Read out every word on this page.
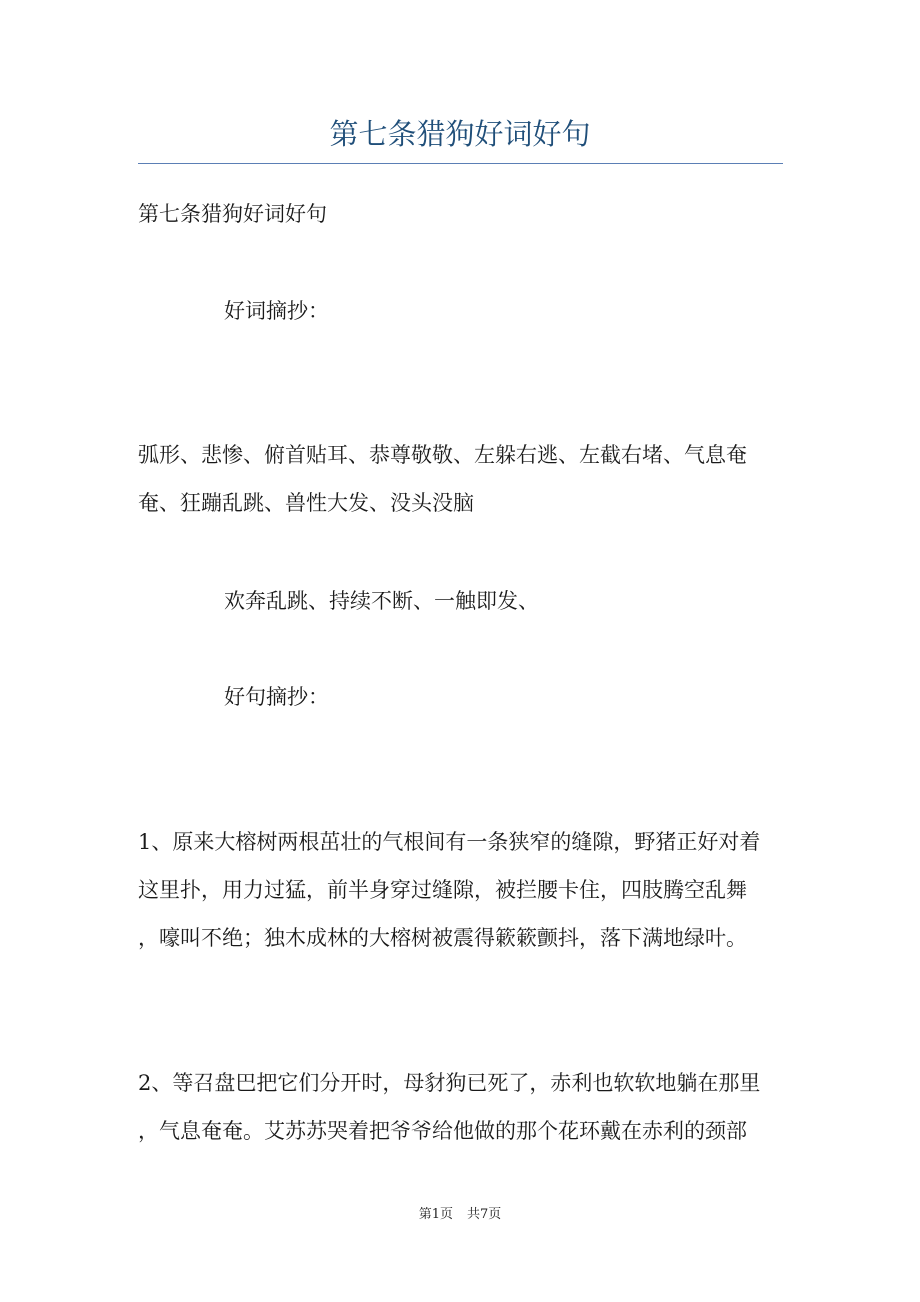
第七条猎狗好词好句

第七条猎狗好词好句

好词摘抄：

弧形、悲惨、俯首贴耳、恭尊敬敬、左躲右逃、左截右堵、气息奄
奄、狂蹦乱跳、兽性大发、没头没脑

欢奔乱跳、持续不断、一触即发、

好句摘抄：

1、原来大榕树两根茁壮的气根间有一条狭窄的缝隙，野猪正好对着
这里扑，用力过猛，前半身穿过缝隙，被拦腰卡住，四肢腾空乱舞
，嚎叫不绝；独木成林的大榕树被震得簌簌颤抖，落下满地绿叶。
2、等召盘巴把它们分开时，母豺狗已死了，赤利也软软地躺在那里
，气息奄奄。艾苏苏哭着把爷爷给他做的那个花环戴在赤利的颈部
第1页 共7页
